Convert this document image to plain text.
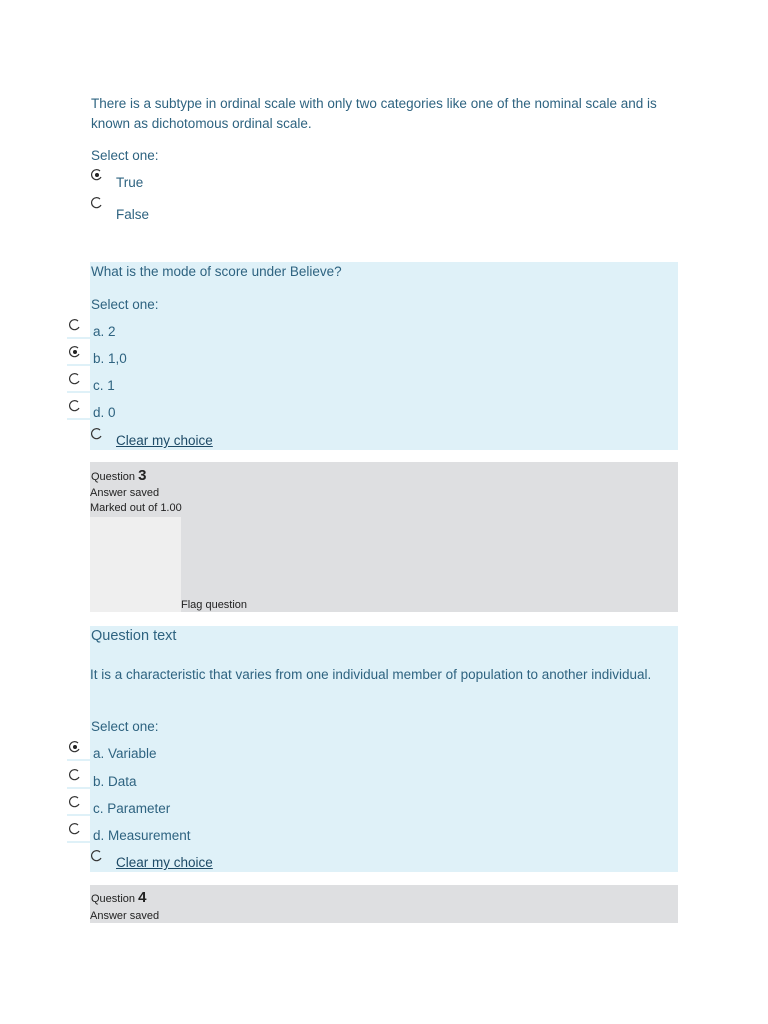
There is a subtype in ordinal scale with only two categories like one of the nominal scale and is known as dichotomous ordinal scale.
Select one:
True
False
What is the mode of score under Believe?
Select one:
a. 2
b. 1,0
c. 1
d. 0
Clear my choice
Question 3
Answer saved
Marked out of 1.00
Flag question
Question text
It is a characteristic that varies from one individual member of population to another individual.
Select one:
a. Variable
b. Data
c. Parameter
d. Measurement
Clear my choice
Question 4
Answer saved
